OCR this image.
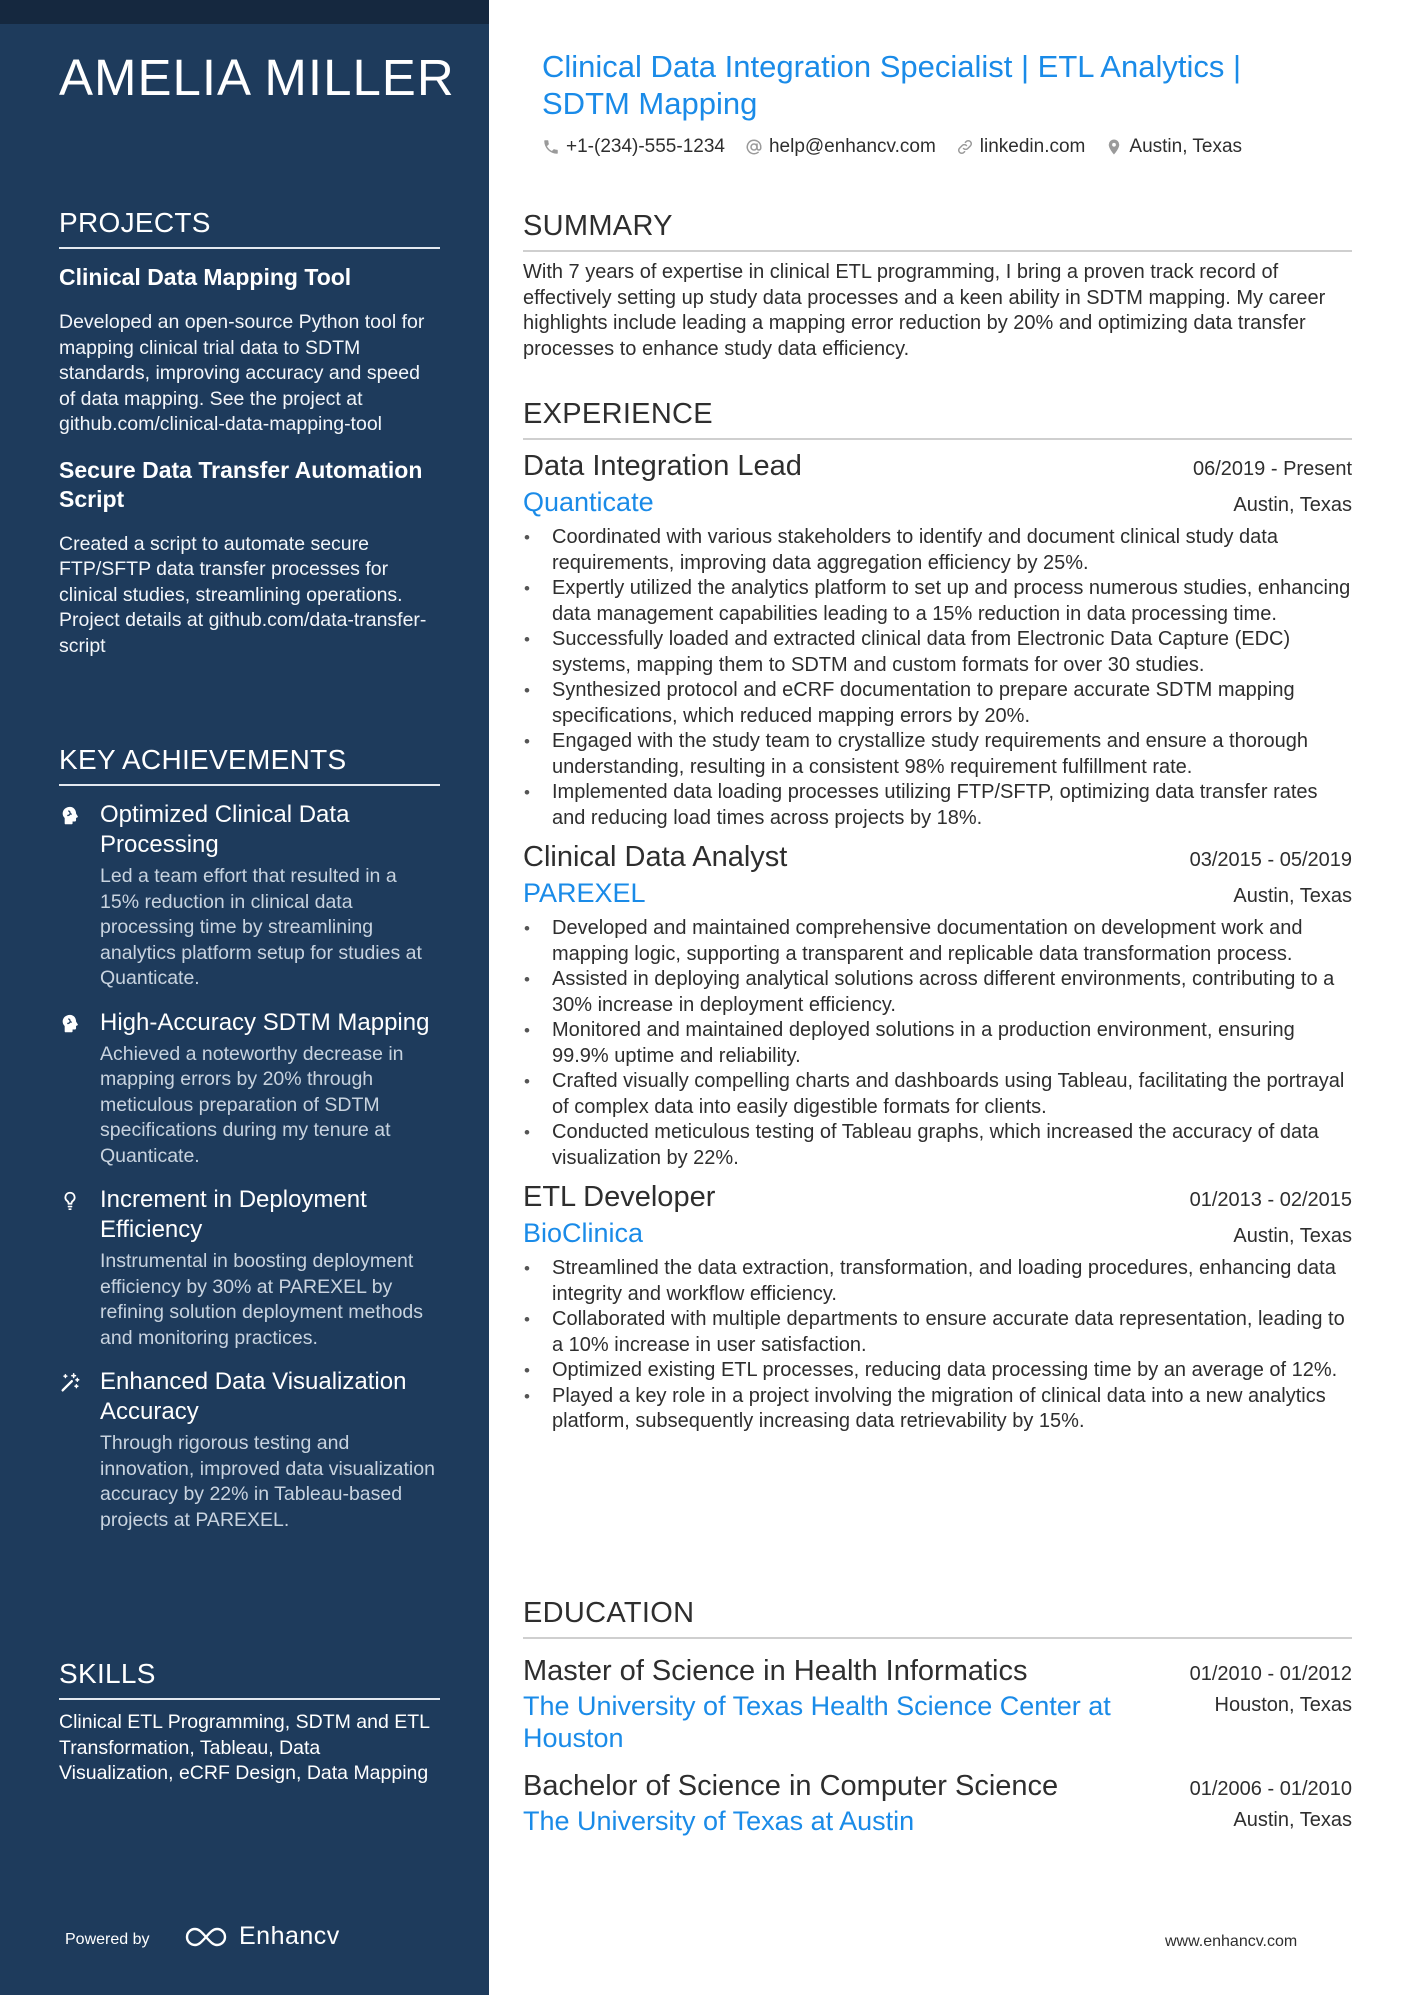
AMELIA MILLER
PROJECTS
Clinical Data Mapping Tool
Developed an open-source Python tool for mapping clinical trial data to SDTM standards, improving accuracy and speed of data mapping. See the project at github.com/clinical-data-mapping-tool
Secure Data Transfer Automation Script
Created a script to automate secure FTP/SFTP data transfer processes for clinical studies, streamlining operations. Project details at github.com/data-transfer-script
KEY ACHIEVEMENTS
Optimized Clinical Data Processing
Led a team effort that resulted in a 15% reduction in clinical data processing time by streamlining analytics platform setup for studies at Quanticate.
High-Accuracy SDTM Mapping
Achieved a noteworthy decrease in mapping errors by 20% through meticulous preparation of SDTM specifications during my tenure at Quanticate.
Increment in Deployment Efficiency
Instrumental in boosting deployment efficiency by 30% at PAREXEL by refining solution deployment methods and monitoring practices.
Enhanced Data Visualization Accuracy
Through rigorous testing and innovation, improved data visualization accuracy by 22% in Tableau-based projects at PAREXEL.
SKILLS
Clinical ETL Programming, SDTM and ETL Transformation, Tableau, Data Visualization, eCRF Design, Data Mapping
Powered by	Enhancv
Clinical Data Integration Specialist | ETL Analytics | SDTM Mapping
+1-(234)-555-1234 help@enhancv.com linkedin.com Austin, Texas
SUMMARY
With 7 years of expertise in clinical ETL programming, I bring a proven track record of effectively setting up study data processes and a keen ability in SDTM mapping. My career highlights include leading a mapping error reduction by 20% and optimizing data transfer processes to enhance study data efficiency.
EXPERIENCE
Data Integration Lead	06/2019 - Present
Quanticate	Austin, Texas
• Coordinated with various stakeholders to identify and document clinical study data requirements, improving data aggregation efficiency by 25%.
• Expertly utilized the analytics platform to set up and process numerous studies, enhancing data management capabilities leading to a 15% reduction in data processing time.
• Successfully loaded and extracted clinical data from Electronic Data Capture (EDC) systems, mapping them to SDTM and custom formats for over 30 studies.
• Synthesized protocol and eCRF documentation to prepare accurate SDTM mapping specifications, which reduced mapping errors by 20%.
• Engaged with the study team to crystallize study requirements and ensure a thorough understanding, resulting in a consistent 98% requirement fulfillment rate.
• Implemented data loading processes utilizing FTP/SFTP, optimizing data transfer rates and reducing load times across projects by 18%.
Clinical Data Analyst	03/2015 - 05/2019
PAREXEL	Austin, Texas
• Developed and maintained comprehensive documentation on development work and mapping logic, supporting a transparent and replicable data transformation process.
• Assisted in deploying analytical solutions across different environments, contributing to a 30% increase in deployment efficiency.
• Monitored and maintained deployed solutions in a production environment, ensuring 99.9% uptime and reliability.
• Crafted visually compelling charts and dashboards using Tableau, facilitating the portrayal of complex data into easily digestible formats for clients.
• Conducted meticulous testing of Tableau graphs, which increased the accuracy of data visualization by 22%.
ETL Developer	01/2013 - 02/2015
BioClinica	Austin, Texas
• Streamlined the data extraction, transformation, and loading procedures, enhancing data integrity and workflow efficiency.
• Collaborated with multiple departments to ensure accurate data representation, leading to a 10% increase in user satisfaction.
• Optimized existing ETL processes, reducing data processing time by an average of 12%.
• Played a key role in a project involving the migration of clinical data into a new analytics platform, subsequently increasing data retrievability by 15%.
EDUCATION
Master of Science in Health Informatics	01/2010 - 01/2012
The University of Texas Health Science Center at Houston
Houston, Texas
Bachelor of Science in Computer Science	01/2006 - 01/2010
The University of Texas at Austin	Austin, Texas
www.enhancv.com
